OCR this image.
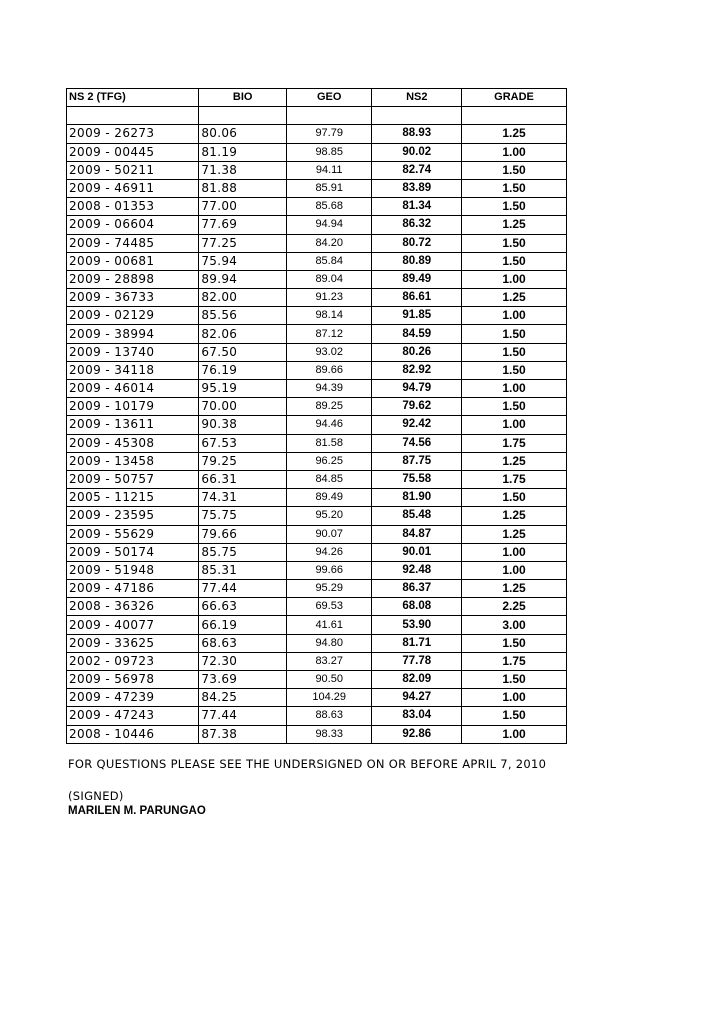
NS 2 (TFG)	BIO	GEO	NS2	GRADE

2009 - 26273	80.06	97.79	88.93	1.25
2009 - 00445	81.19	98.85	90.02	1.00
2009 - 50211	71.38	94.11	82.74	1.50
2009 - 46911	81.88	85.91	83.89	1.50
2008 - 01353	77.00	85.68	81.34	1.50
2009 - 06604	77.69	94.94	86.32	1.25
2009 - 74485	77.25	84.20	80.72	1.50
2009 - 00681	75.94	85.84	80.89	1.50
2009 - 28898	89.94	89.04	89.49	1.00
2009 - 36733	82.00	91.23	86.61	1.25
2009 - 02129	85.56	98.14	91.85	1.00
2009 - 38994	82.06	87.12	84.59	1.50
2009 - 13740	67.50	93.02	80.26	1.50
2009 - 34118	76.19	89.66	82.92	1.50
2009 - 46014	95.19	94.39	94.79	1.00
2009 - 10179	70.00	89.25	79.62	1.50
2009 - 13611	90.38	94.46	92.42	1.00
2009 - 45308	67.53	81.58	74.56	1.75
2009 - 13458	79.25	96.25	87.75	1.25
2009 - 50757	66.31	84.85	75.58	1.75
2005 - 11215	74.31	89.49	81.90	1.50
2009 - 23595	75.75	95.20	85.48	1.25
2009 - 55629	79.66	90.07	84.87	1.25
2009 - 50174	85.75	94.26	90.01	1.00
2009 - 51948	85.31	99.66	92.48	1.00
2009 - 47186	77.44	95.29	86.37	1.25
2008 - 36326	66.63	69.53	68.08	2.25
2009 - 40077	66.19	41.61	53.90	3.00
2009 - 33625	68.63	94.80	81.71	1.50
2002 - 09723	72.30	83.27	77.78	1.75
2009 - 56978	73.69	90.50	82.09	1.50
2009 - 47239	84.25	104.29	94.27	1.00
2009 - 47243	77.44	88.63	83.04	1.50
2008 - 10446	87.38	98.33	92.86	1.00
FOR QUESTIONS PLEASE SEE THE UNDERSIGNED ON OR BEFORE APRIL 7, 2010
(SIGNED)
MARILEN M. PARUNGAO
